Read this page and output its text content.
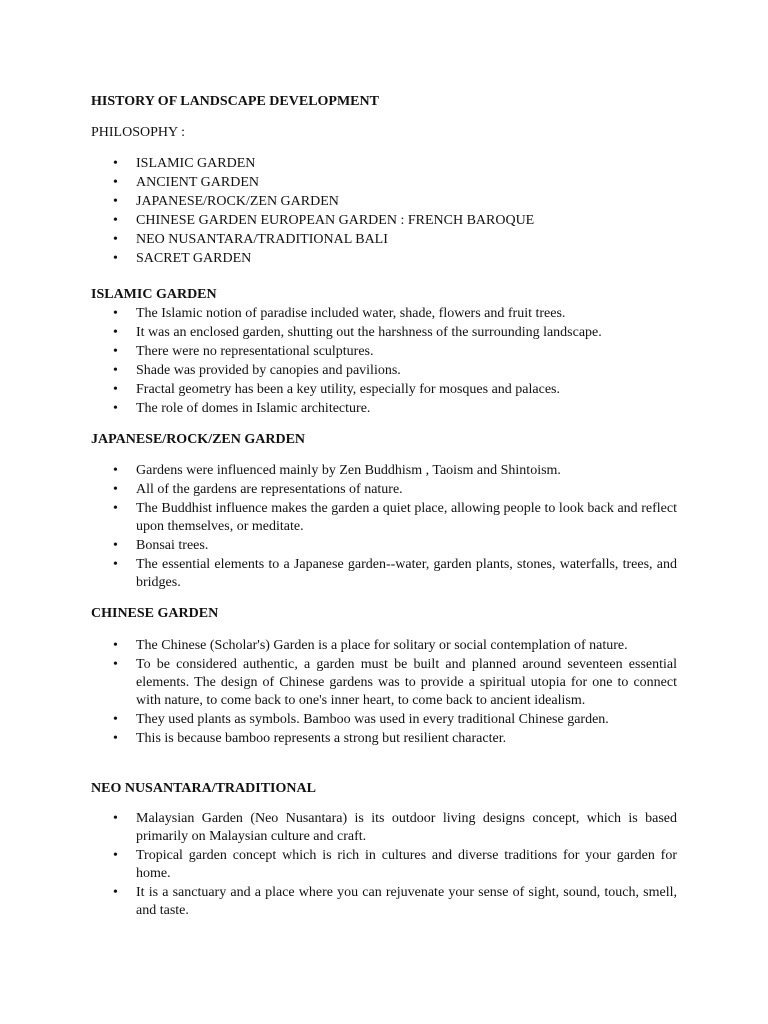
HISTORY OF LANDSCAPE DEVELOPMENT

PHILOSOPHY :

• ISLAMIC GARDEN
• ANCIENT GARDEN
• JAPANESE/ROCK/ZEN GARDEN
• CHINESE GARDEN EUROPEAN GARDEN : FRENCH BAROQUE
• NEO NUSANTARA/TRADITIONAL BALI
• SACRET GARDEN

ISLAMIC GARDEN

• The Islamic notion of paradise included water, shade, flowers and fruit trees.
• It was an enclosed garden, shutting out the harshness of the surrounding landscape.
• There were no representational sculptures.
• Shade was provided by canopies and pavilions.
• Fractal geometry has been a key utility, especially for mosques and palaces.
• The role of domes in Islamic architecture.

JAPANESE/ROCK/ZEN GARDEN

• Gardens were influenced mainly by Zen Buddhism , Taoism and Shintoism.
• All of the gardens are representations of nature.
• The Buddhist influence makes the garden a quiet place, allowing people to look back and reflect upon themselves, or meditate.
• Bonsai trees.
• The essential elements to a Japanese garden--water, garden plants, stones, waterfalls, trees, and bridges.

CHINESE GARDEN

• The Chinese (Scholar's) Garden is a place for solitary or social contemplation of nature.
• To be considered authentic, a garden must be built and planned around seventeen essential elements. The design of Chinese gardens was to provide a spiritual utopia for one to connect with nature, to come back to one's inner heart, to come back to ancient idealism.
• They used plants as symbols. Bamboo was used in every traditional Chinese garden.
• This is because bamboo represents a strong but resilient character.

NEO NUSANTARA/TRADITIONAL

• Malaysian Garden (Neo Nusantara) is its outdoor living designs concept, which is based primarily on Malaysian culture and craft.
• Tropical garden concept which is rich in cultures and diverse traditions for your garden for home.
• It is a sanctuary and a place where you can rejuvenate your sense of sight, sound, touch, smell, and taste.
